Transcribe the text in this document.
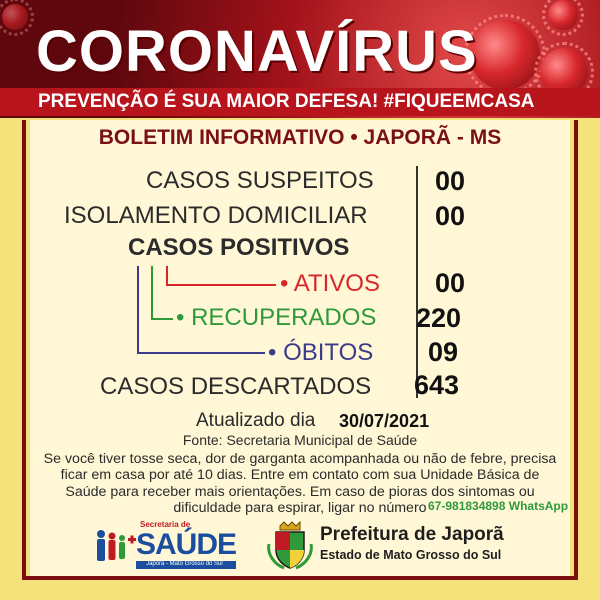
CORONAVÍRUS
PREVENÇÃO É SUA MAIOR DEFESA! #FIQUEEMCASA
BOLETIM INFORMATIVO • JAPORÃ - MS
CASOS SUSPEITOS 00
ISOLAMENTO DOMICILIAR 00
CASOS POSITIVOS
• ATIVOS 00
• RECUPERADOS 220
• ÓBITOS 09
CASOS DESCARTADOS 643
Atualizado dia 30/07/2021
Fonte: Secretaria Municipal de Saúde
Se você tiver tosse seca, dor de garganta acompanhada ou não de febre, precisa ficar em casa por até 10 dias. Entre em contato com sua Unidade Básica de Saúde para receber mais orientações. Em caso de pioras dos sintomas ou dificuldade para espirar, ligar no número 67-981834898 WhatsApp
Secretaria de
SAÚDE
Japorã - Mato Grosso do Sul
Prefeitura de Japorã
Estado de Mato Grosso do Sul
